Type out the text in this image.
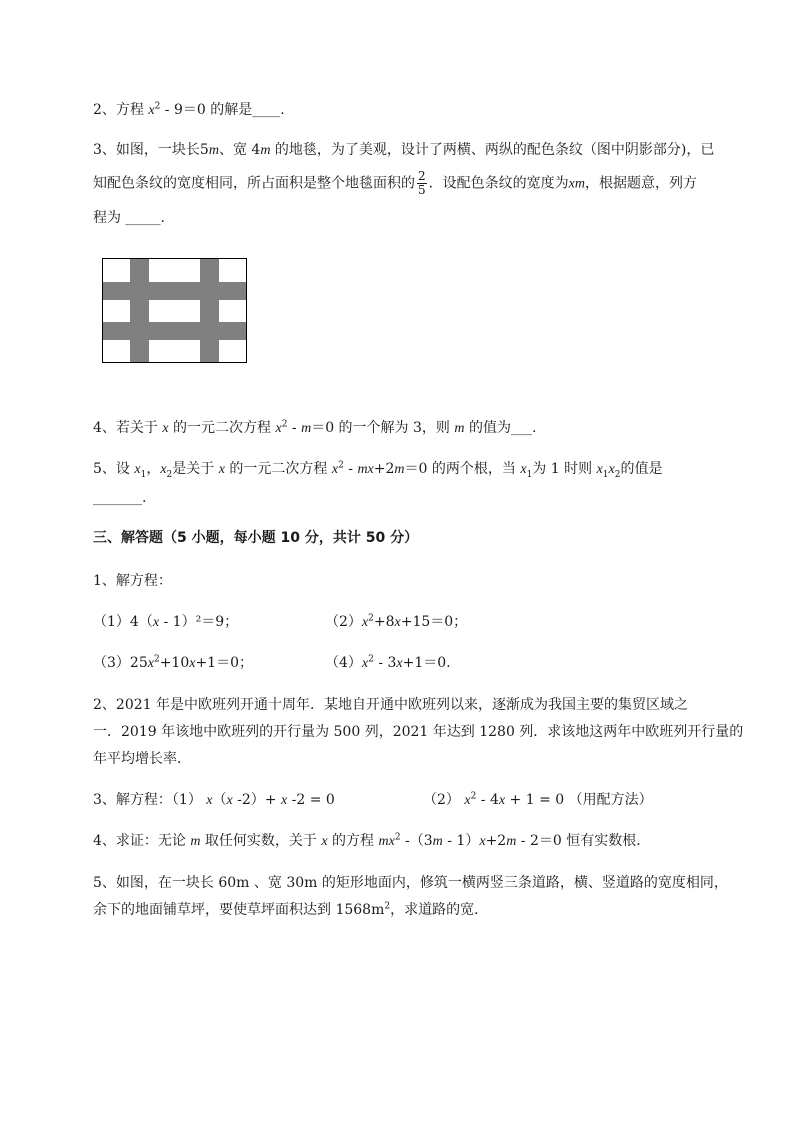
2、方程 $x^2 - 9=0$ 的解是____.
3、如图，一块长5m、宽 4m 的地毯，为了美观，设计了两横、两纵的配色条纹（图中阴影部分)，已
知配色条纹的宽度相同，所占面积是整个地毯面积的 $\frac{2}{5}$ ．设配色条纹的宽度为xm，根据题意，列方
程为 _____.
4、若关于 x 的一元二次方程 $x^2 - m=0$ 的一个解为 3，则 m 的值为___.
5、设 $x_1$，$x_2$是关于 x 的一元二次方程 $x^2 - mx+2m=0$ 的两个根，当 $x_1$为 1 时则 $x_1x_2$的值是
_______.
三、解答题（5 小题，每小题 10 分，共计 50 分）
1、解方程：
（1）4（x - 1）²＝9；	$(2)x^2+8x+15=0$；
$(3)25x^2+10x+1=0$；	$(4)x^2 - 3x+1=0$.
2、2021 年是中欧班列开通十周年．某地自开通中欧班列以来，逐渐成为我国主要的集贸区域之
一．2019 年该地中欧班列的开行量为 500 列，2021 年达到 1280 列．求该地这两年中欧班列开行量的
年平均增长率．
3、解方程：（1） x（x -2）+ x -2 = 0	（2） $x^2 - 4x + 1 = 0$ （用配方法）
4、求证：无论 m 取任何实数，关于 x 的方程 $mx^2$ -（3m - 1）x+2m - 2＝0 恒有实数根．
5、如图，在一块长 60m 、宽 30m 的矩形地面内，修筑一横两竖三条道路，横、竖道路的宽度相同，
余下的地面铺草坪，要使草坪面积达到 $1568m^2$，求道路的宽．
